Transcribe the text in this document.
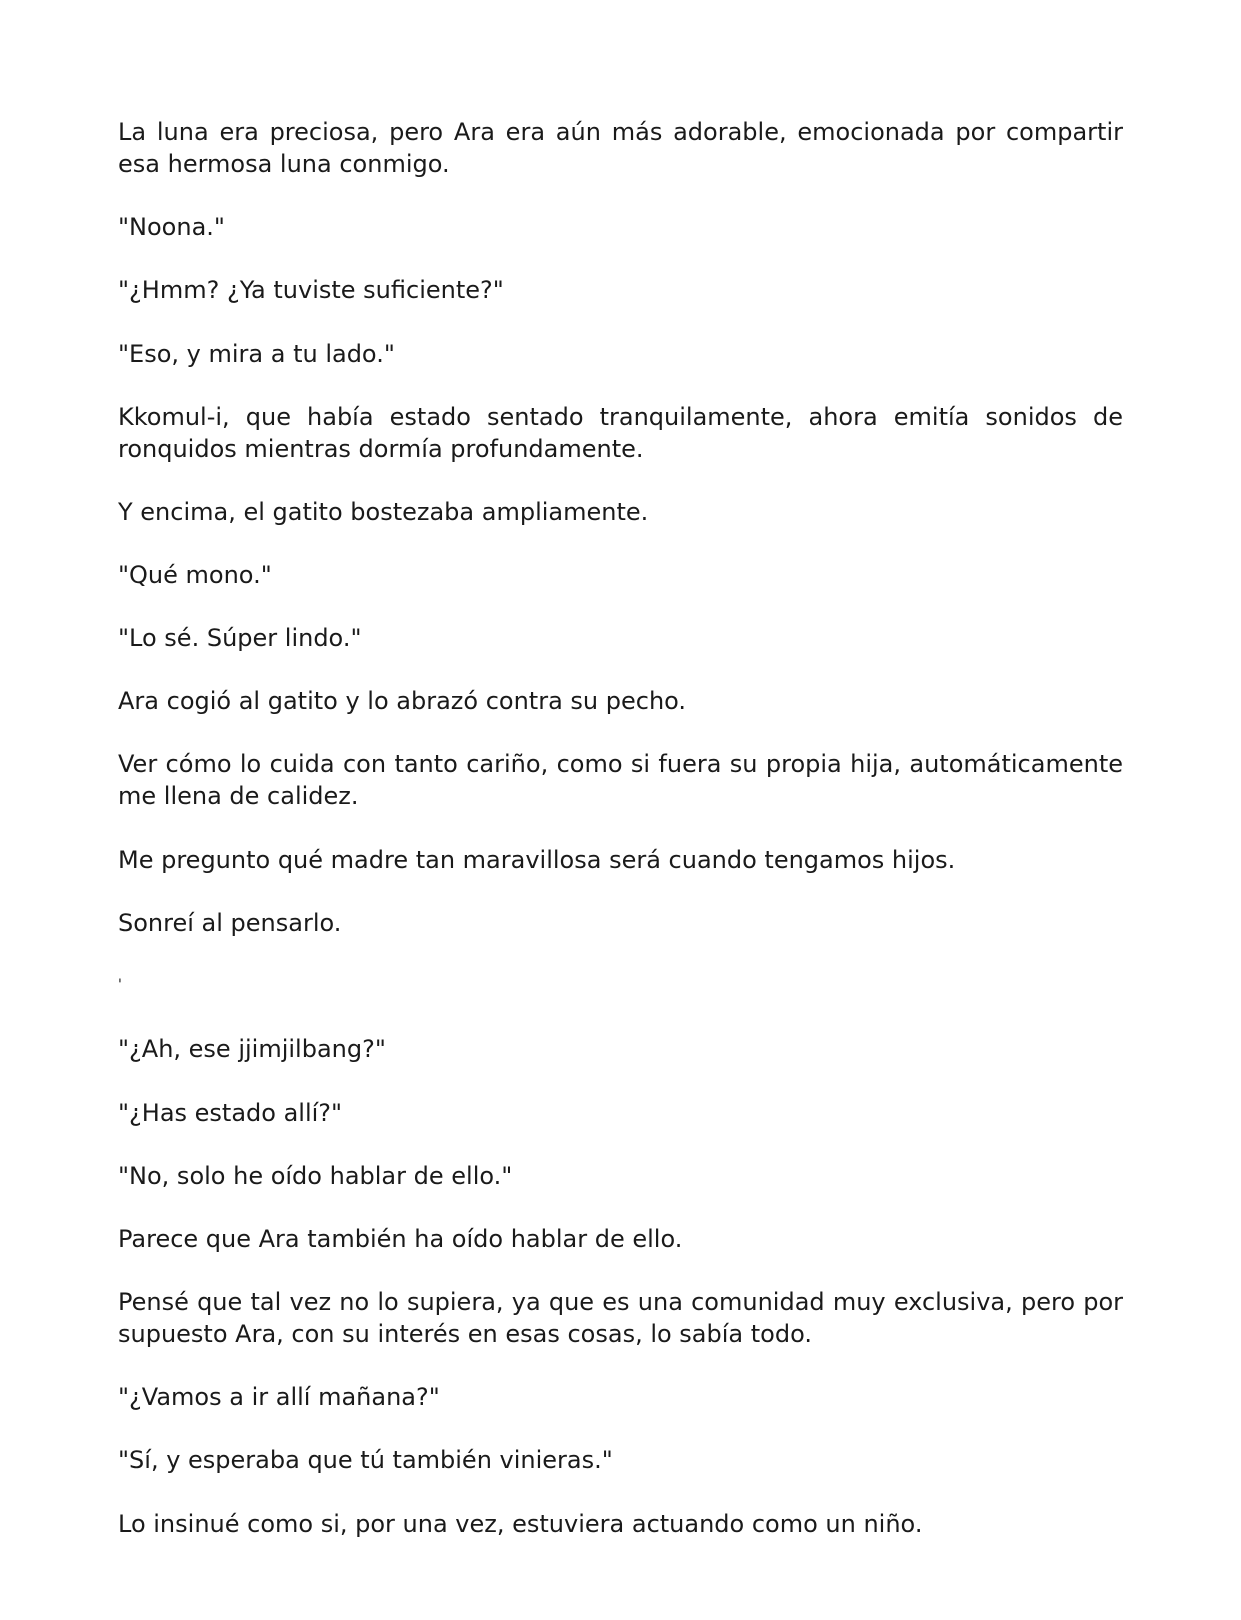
La luna era preciosa, pero Ara era aún más adorable, emocionada por compartir esa hermosa luna conmigo.

"Noona."

"¿Hmm? ¿Ya tuviste suficiente?"

"Eso, y mira a tu lado."

Kkomul-i, que había estado sentado tranquilamente, ahora emitía sonidos de ronquidos mientras dormía profundamente.

Y encima, el gatito bostezaba ampliamente.

"Qué mono."

"Lo sé. Súper lindo."

Ara cogió al gatito y lo abrazó contra su pecho.

Ver cómo lo cuida con tanto cariño, como si fuera su propia hija, automáticamente me llena de calidez.

Me pregunto qué madre tan maravillosa será cuando tengamos hijos.

Sonreí al pensarlo.

'

"¿Ah, ese jjimjilbang?"

"¿Has estado allí?"

"No, solo he oído hablar de ello."

Parece que Ara también ha oído hablar de ello.

Pensé que tal vez no lo supiera, ya que es una comunidad muy exclusiva, pero por supuesto Ara, con su interés en esas cosas, lo sabía todo.

"¿Vamos a ir allí mañana?"

"Sí, y esperaba que tú también vinieras."

Lo insinué como si, por una vez, estuviera actuando como un niño.
